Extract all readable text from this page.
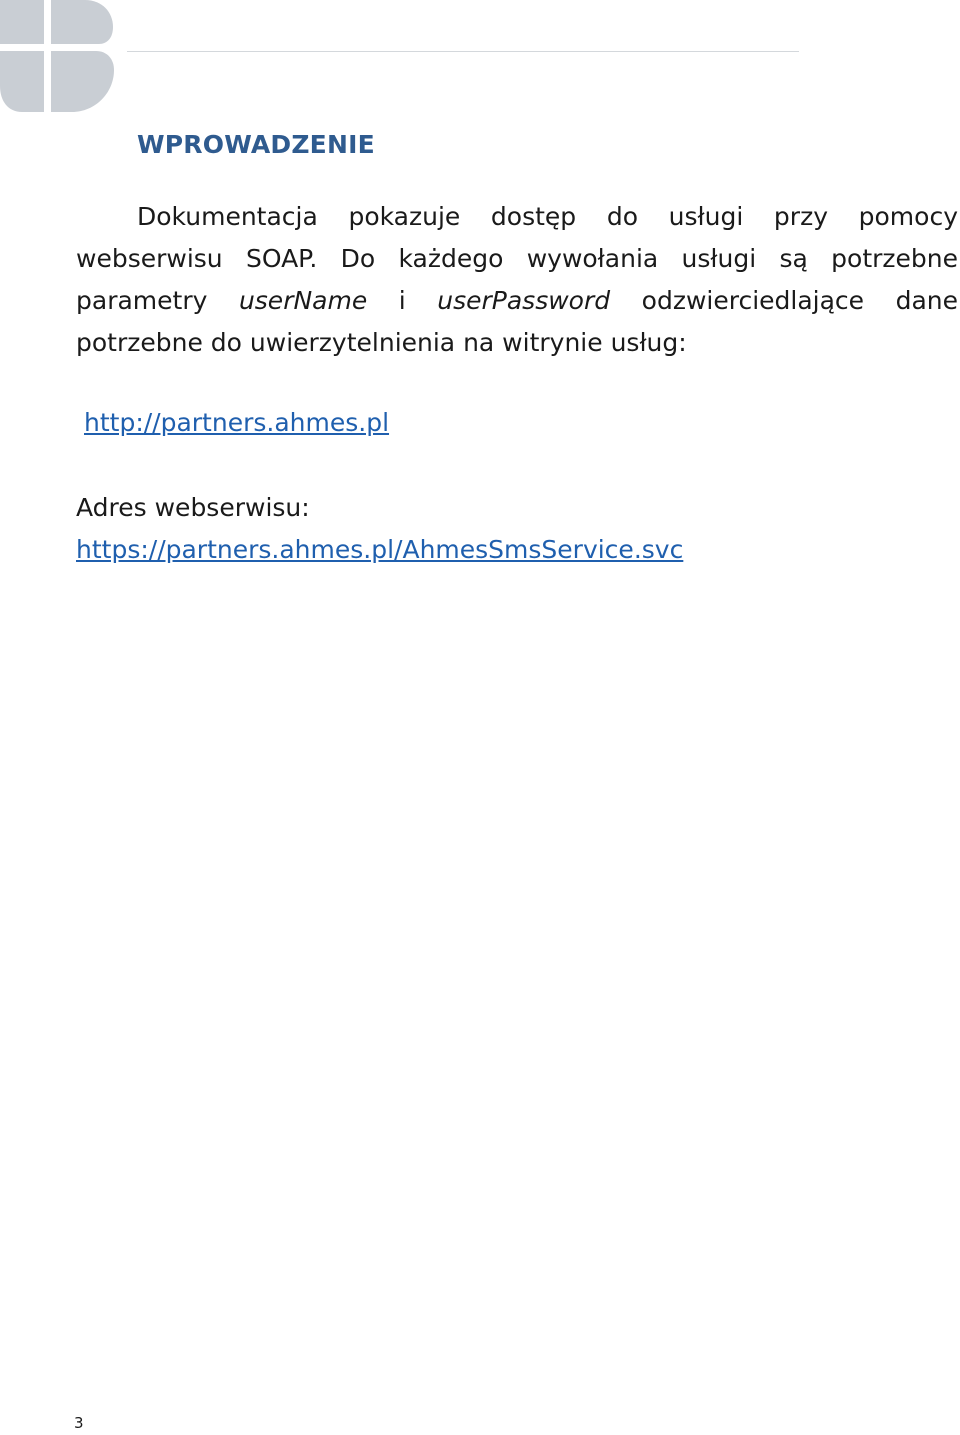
WPROWADZENIE

Dokumentacja pokazuje dostęp do usługi przy pomocy webserwisu SOAP. Do każdego wywołania usługi są potrzebne parametry userName i userPassword odzwierciedlające dane potrzebne do uwierzytelnienia na witrynie usług:

http://partners.ahmes.pl

Adres webserwisu:

https://partners.ahmes.pl/AhmesSmsService.svc
3
